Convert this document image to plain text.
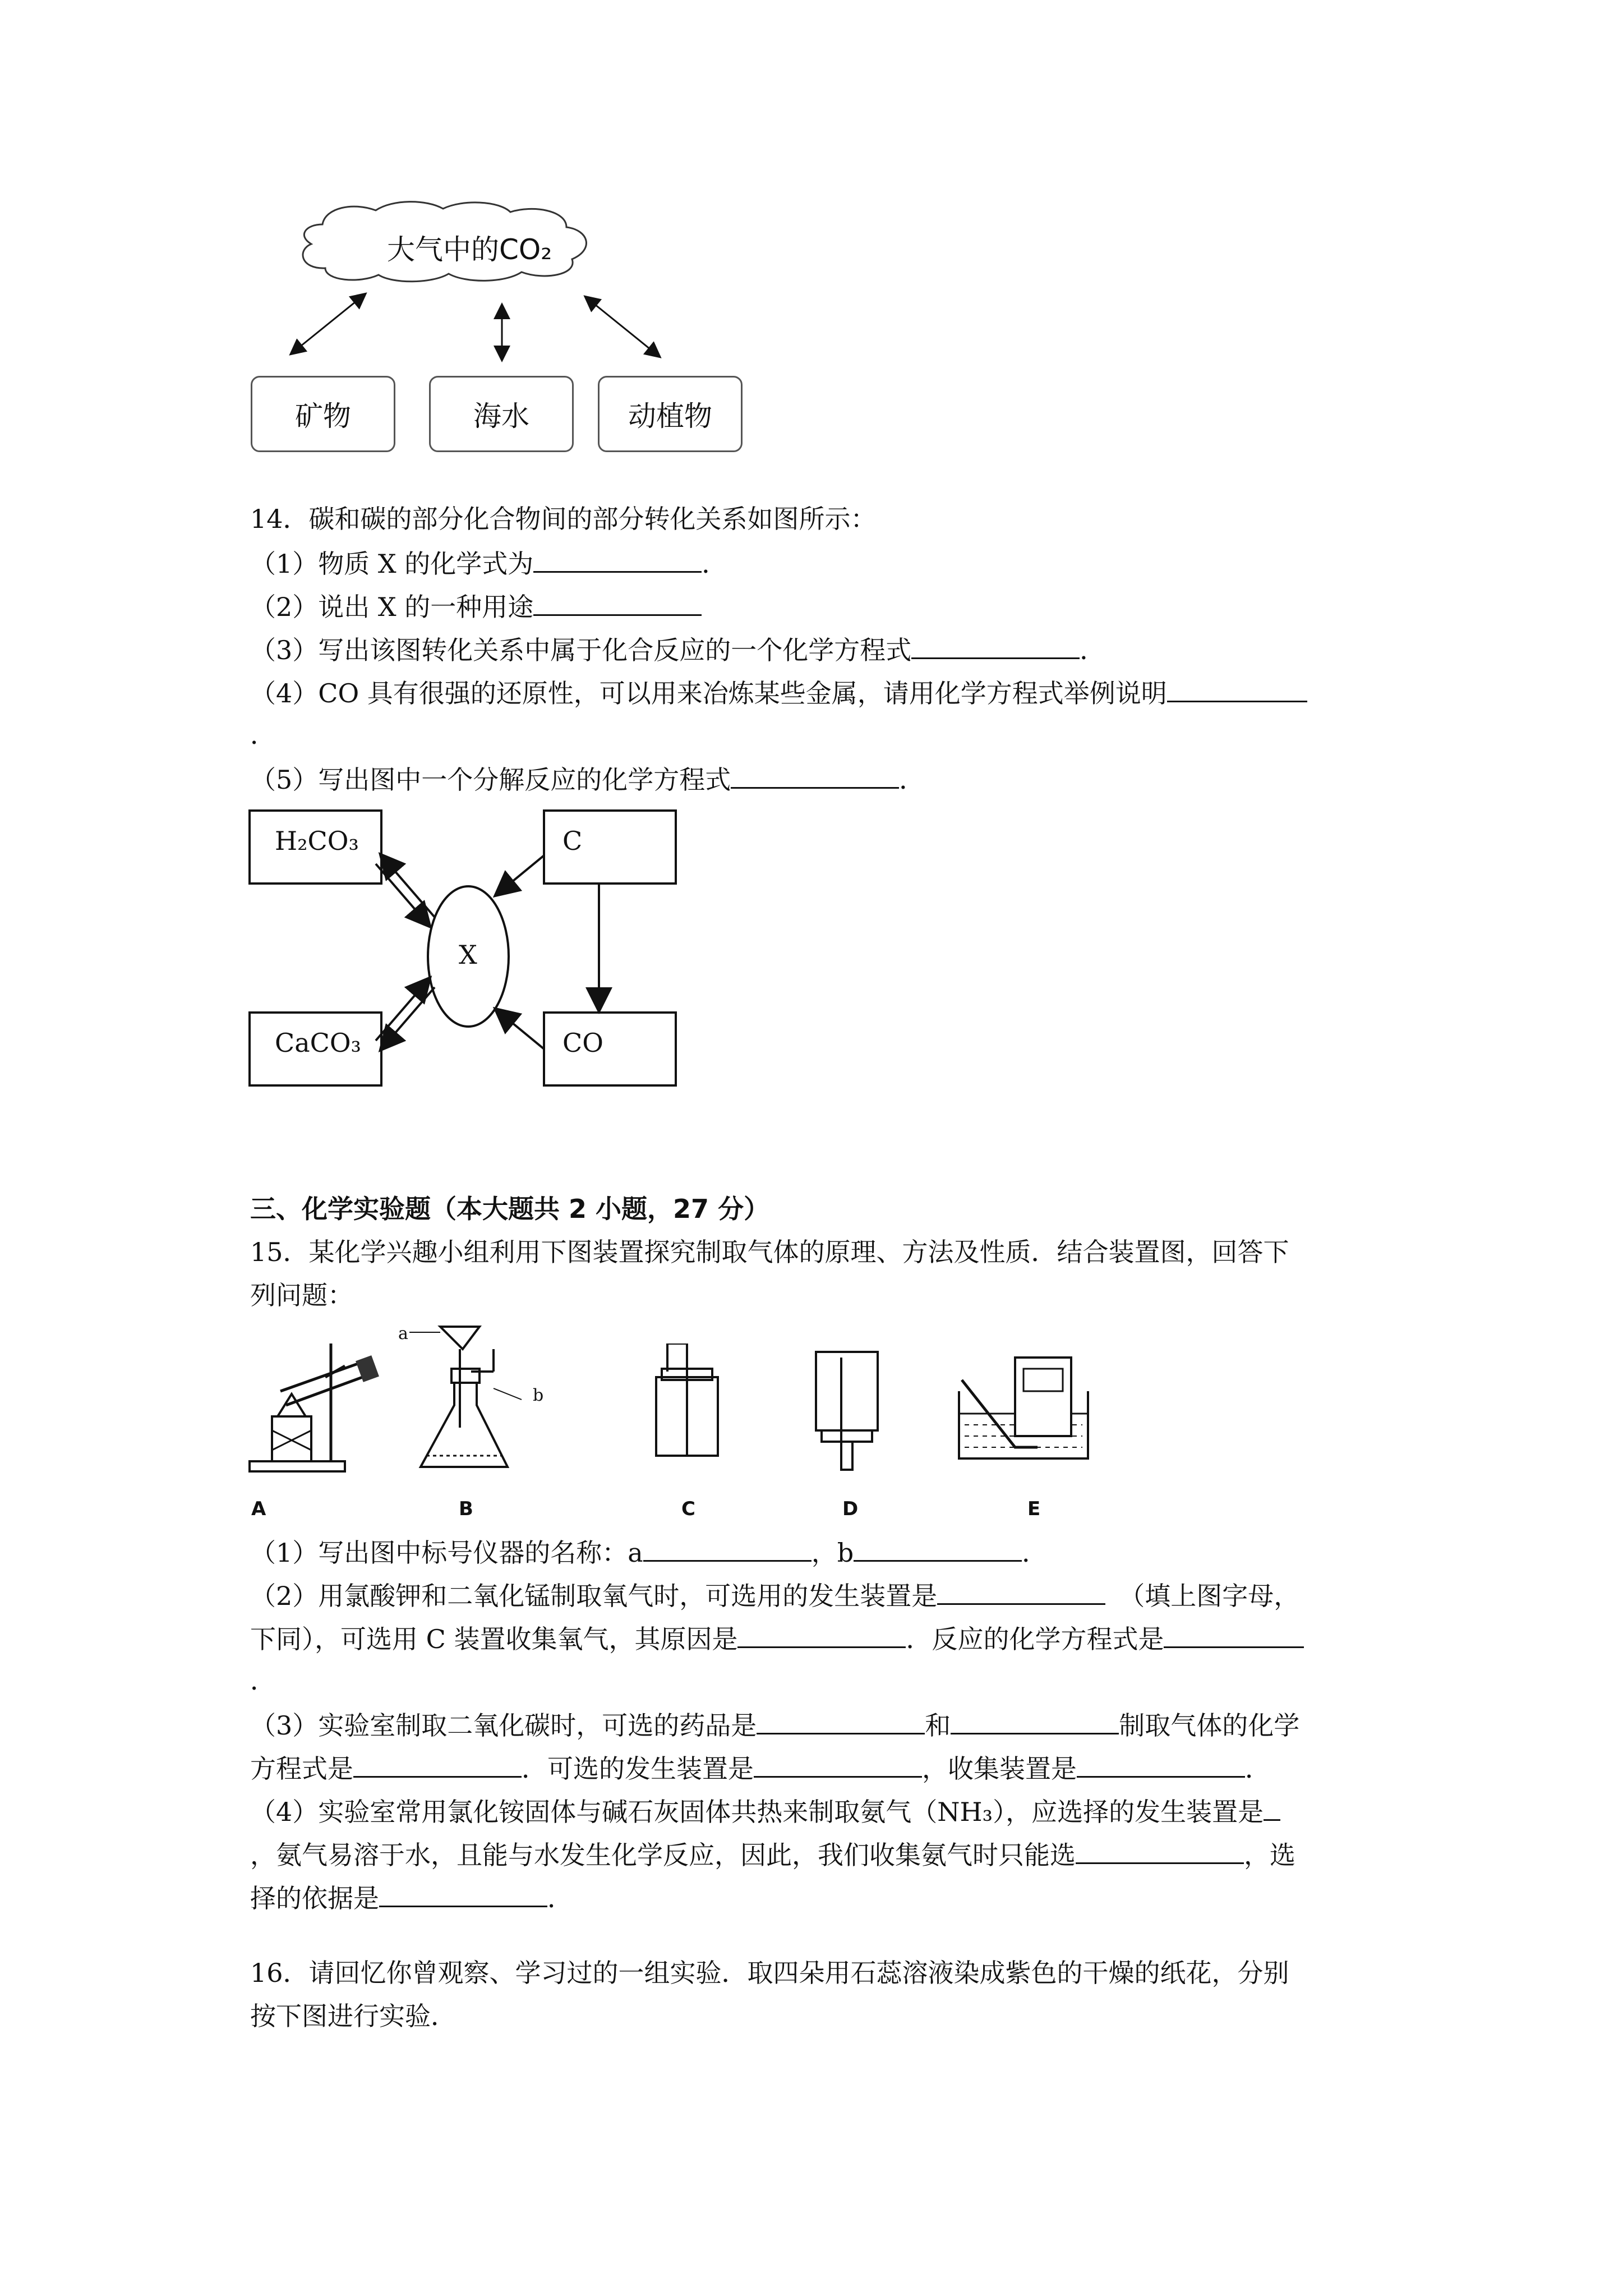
大气中的CO₂
矿物	海水	动植物
14．碳和碳的部分化合物间的部分转化关系如图所示：
（1）物质 X 的化学式为	．
（2）说出 X 的一种用途
（3）写出该图转化关系中属于化合反应的一个化学方程式	．
（4）CO 具有很强的还原性，可以用来冶炼某些金属，请用化学方程式举例说明
．
（5）写出图中一个分解反应的化学方程式	．
H₂CO₃	C
X
CaCO₃	CO
三、化学实验题（本大题共 2 小题，27 分）
15．某化学兴趣小组利用下图装置探究制取气体的原理、方法及性质．结合装置图，回答下
列问题：
a
b
A	B	C	D	E
（1）写出图中标号仪器的名称：a	，b	．
（2）用氯酸钾和二氧化锰制取氧气时，可选用的发生装置是	（填上图字母，
下同），可选用 C 装置收集氧气，其原因是	．反应的化学方程式是
．
（3）实验室制取二氧化碳时，可选的药品是	和	制取气体的化学
方程式是	．可选的发生装置是	，收集装置是	．
（4）实验室常用氯化铵固体与碱石灰固体共热来制取氨气（NH₃），应选择的发生装置是
，氨气易溶于水，且能与水发生化学反应，因此，我们收集氨气时只能选	，选
择的依据是	．
16．请回忆你曾观察、学习过的一组实验．取四朵用石蕊溶液染成紫色的干燥的纸花，分别
按下图进行实验．
